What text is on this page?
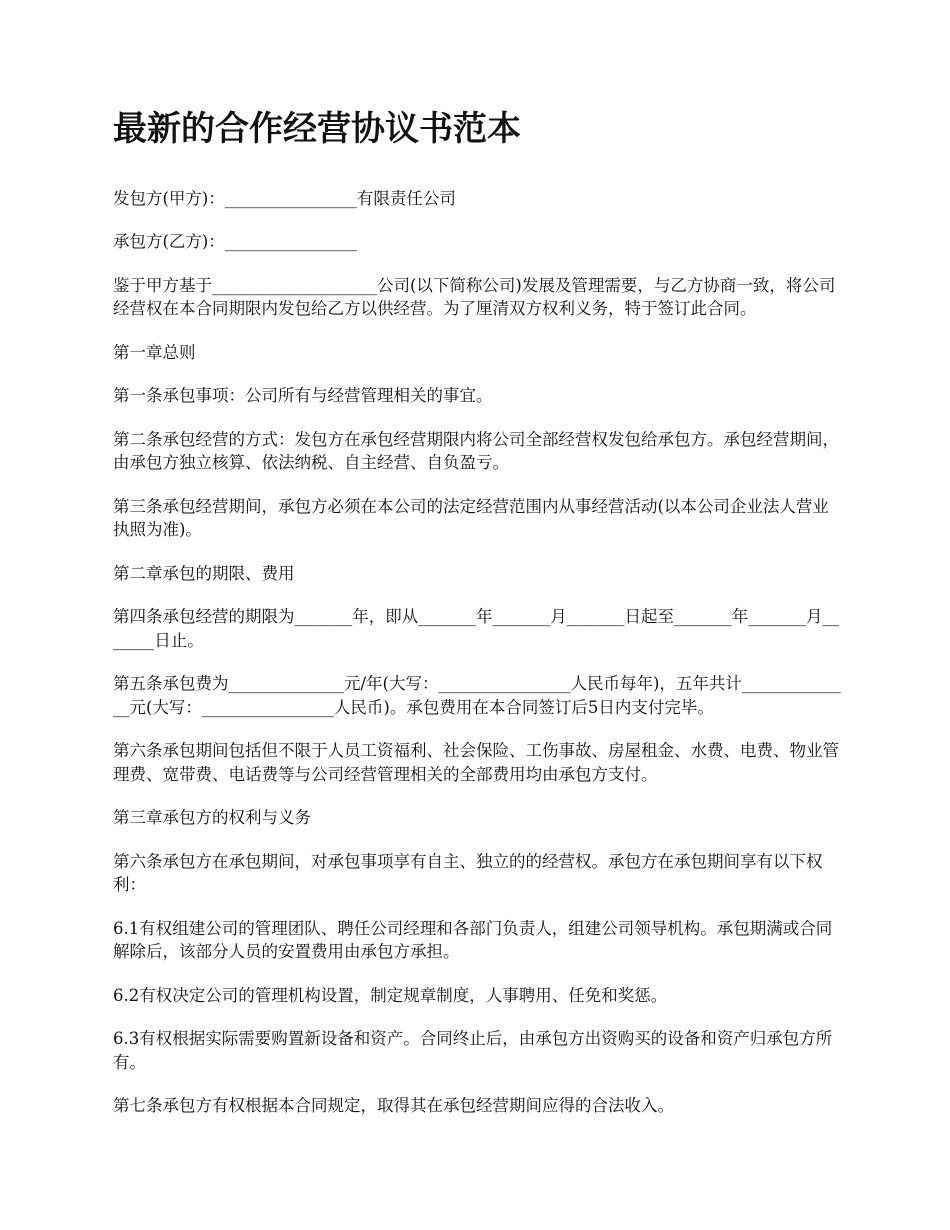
最新的合作经营协议书范本

发包方(甲方)：________________有限责任公司

承包方(乙方)：________________

鉴于甲方基于____________________公司(以下简称公司)发展及管理需要，与乙方协商一致，将公司经营权在本合同期限内发包给乙方以供经营。为了厘清双方权利义务，特于签订此合同。

第一章总则

第一条承包事项：公司所有与经营管理相关的事宜。

第二条承包经营的方式：发包方在承包经营期限内将公司全部经营权发包给承包方。承包经营期间，由承包方独立核算、依法纳税、自主经营、自负盈亏。

第三条承包经营期间，承包方必须在本公司的法定经营范围内从事经营活动(以本公司企业法人营业执照为准)。

第二章承包的期限、费用

第四条承包经营的期限为_______年，即从_______年_______月_______日起至_______年_______月_______日止。

第五条承包费为______________元/年(大写：________________人民币每年)，五年共计______________元(大写：________________人民币)。承包费用在本合同签订后5日内支付完毕。

第六条承包期间包括但不限于人员工资福利、社会保险、工伤事故、房屋租金、水费、电费、物业管理费、宽带费、电话费等与公司经营管理相关的全部费用均由承包方支付。

第三章承包方的权利与义务

第六条承包方在承包期间，对承包事项享有自主、独立的的经营权。承包方在承包期间享有以下权利：

6.1有权组建公司的管理团队、聘任公司经理和各部门负责人，组建公司领导机构。承包期满或合同解除后，该部分人员的安置费用由承包方承担。

6.2有权决定公司的管理机构设置，制定规章制度，人事聘用、任免和奖惩。

6.3有权根据实际需要购置新设备和资产。合同终止后，由承包方出资购买的设备和资产归承包方所有。

第七条承包方有权根据本合同规定，取得其在承包经营期间应得的合法收入。
